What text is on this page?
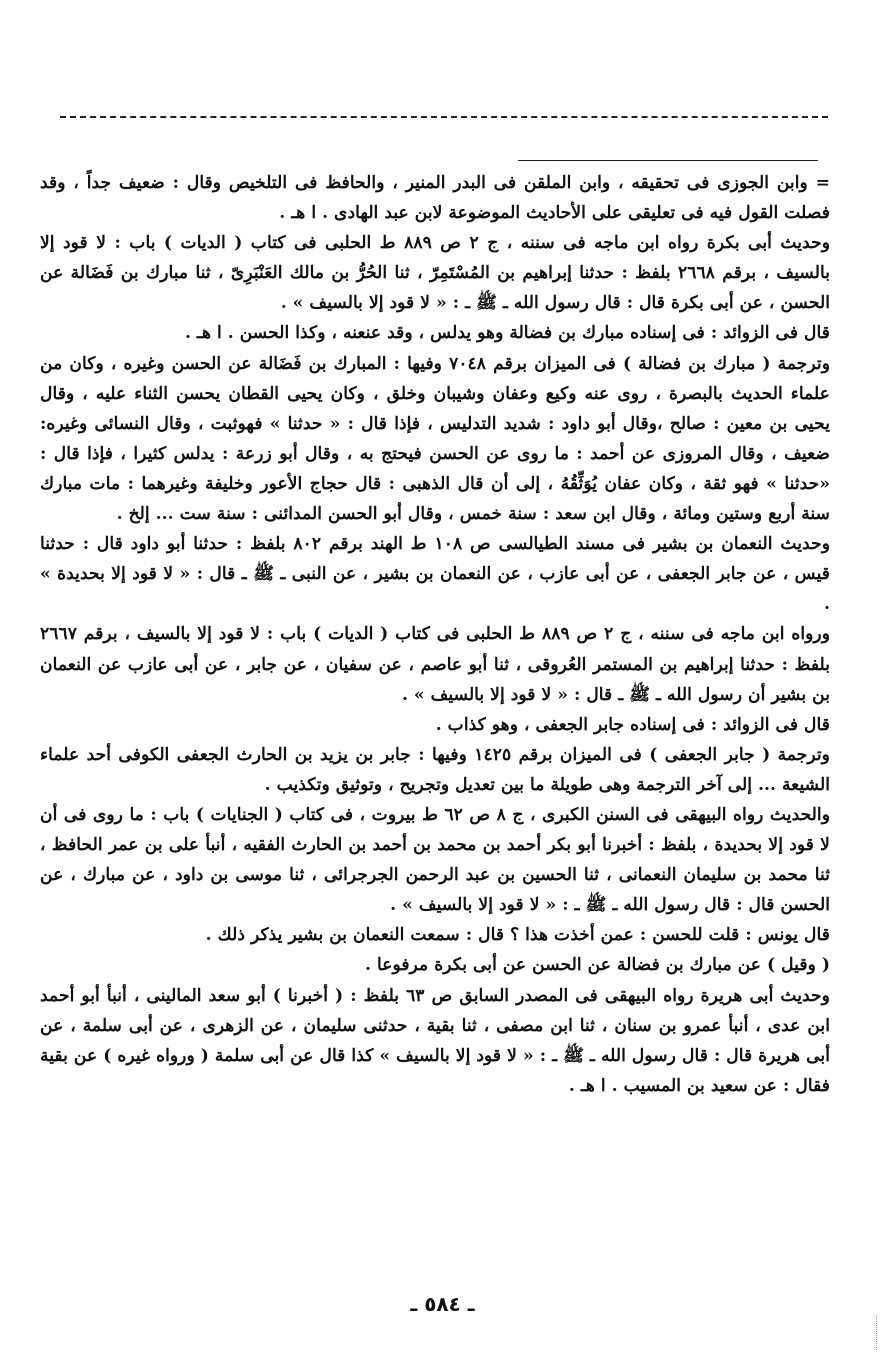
= وابن الجوزى فى تحقيقه ، وابن الملقن فى البدر المنير ، والحافظ فى التلخيص وقال : ضعيف جداً ، وقد فصلت القول فيه فى تعليقى على الأحاديث الموضوعة لابن عبد الهادى . ا هـ .

وحديث أبى بكرة رواه ابن ماجه فى سننه ، ج ٢ ص ٨٨٩ ط الحلبى فى كتاب ( الديات ) باب : لا قود إلا بالسيف ، برقم ٢٦٦٨ بلفظ : حدثنا إبراهيم بن المُسْتَمِرّ ، ثنا الحُرُّ بن مالك العَنْبَرِىّ ، ثنا مبارك بن فَضَالة عن الحسن ، عن أبى بكرة قال : قال رسول الله ـ ﷺ ـ : « لا قود إلا بالسيف » .

قال فى الزوائد : فى إسناده مبارك بن فضالة وهو يدلس ، وقد عنعنه ، وكذا الحسن . ا هـ .

وترجمة ( مبارك بن فضالة ) فى الميزان برقم ٧٠٤٨ وفيها : المبارك بن فَضَالة عن الحسن وغيره ، وكان من علماء الحديث بالبصرة ، روى عنه وكيع وعفان وشيبان وخلق ، وكان يحيى القطان يحسن الثناء عليه ، وقال يحيى بن معين : صالح ،وقال أبو داود : شديد التدليس ، فإذا قال : « حدثنا » فهوثبت ، وقال النسائى وغيره: ضعيف ، وقال المروزى عن أحمد : ما روى عن الحسن فيحتج به ، وقال أبو زرعة : يدلس كثيرا ، فإذا قال : «حدثنا » فهو ثقة ، وكان عفان يُوَثِّقُهُ ، إلى أن قال الذهبى : قال حجاج الأعور وخليفة وغيرهما : مات مبارك سنة أربع وستين ومائة ، وقال ابن سعد : سنة خمس ، وقال أبو الحسن المدائنى : سنة ست ... إلخ .

وحديث النعمان بن بشير فى مسند الطيالسى ص ١٠٨ ط الهند برقم ٨٠٢ بلفظ : حدثنا أبو داود قال : حدثنا قيس ، عن جابر الجعفى ، عن أبى عازب ، عن النعمان بن بشير ، عن النبى ـ ﷺ ـ قال : « لا قود إلا بحديدة » .

ورواه ابن ماجه فى سننه ، ج ٢ ص ٨٨٩ ط الحلبى فى كتاب ( الديات ) باب : لا قود إلا بالسيف ، برقم ٢٦٦٧ بلفظ : حدثنا إبراهيم بن المستمر العُروقى ، ثنا أبو عاصم ، عن سفيان ، عن جابر ، عن أبى عازب عن النعمان بن بشير أن رسول الله ـ ﷺ ـ قال : « لا قود إلا بالسيف » .

قال فى الزوائد : فى إسناده جابر الجعفى ، وهو كذاب .

وترجمة ( جابر الجعفى ) فى الميزان برقم ١٤٢٥ وفيها : جابر بن يزيد بن الحارث الجعفى الكوفى أحد علماء الشيعة ... إلى آخر الترجمة وهى طويلة ما بين تعديل وتجريح ، وتوثيق وتكذيب .

والحديث رواه البيهقى فى السنن الكبرى ، ج ٨ ص ٦٢ ط بيروت ، فى كتاب ( الجنايات ) باب : ما روى فى أن لا قود إلا بحديدة ، بلفظ : أخبرنا أبو بكر أحمد بن محمد بن أحمد بن الحارث الفقيه ، أنبأ على بن عمر الحافظ ، ثنا محمد بن سليمان النعمانى ، ثنا الحسين بن عبد الرحمن الجرجرائى ، ثنا موسى بن داود ، عن مبارك ، عن الحسن قال : قال رسول الله ـ ﷺ ـ : « لا قود إلا بالسيف » .

قال يونس : قلت للحسن : عمن أخذت هذا ؟ قال : سمعت النعمان بن بشير يذكر ذلك .

( وقيل ) عن مبارك بن فضالة عن الحسن عن أبى بكرة مرفوعا .

وحديث أبى هريرة رواه البيهقى فى المصدر السابق ص ٦٣ بلفظ : ( أخبرنا ) أبو سعد المالينى ، أنبأ أبو أحمد ابن عدى ، أنبأ عمرو بن سنان ، ثنا ابن مصفى ، ثنا بقية ، حدثنى سليمان ، عن الزهرى ، عن أبى سلمة ، عن أبى هريرة قال : قال رسول الله ـ ﷺ ـ : « لا قود إلا بالسيف » كذا قال عن أبى سلمة ( ورواه غيره ) عن بقية فقال : عن سعيد بن المسيب . ا هـ .

ـ ٥٨٤ ـ
